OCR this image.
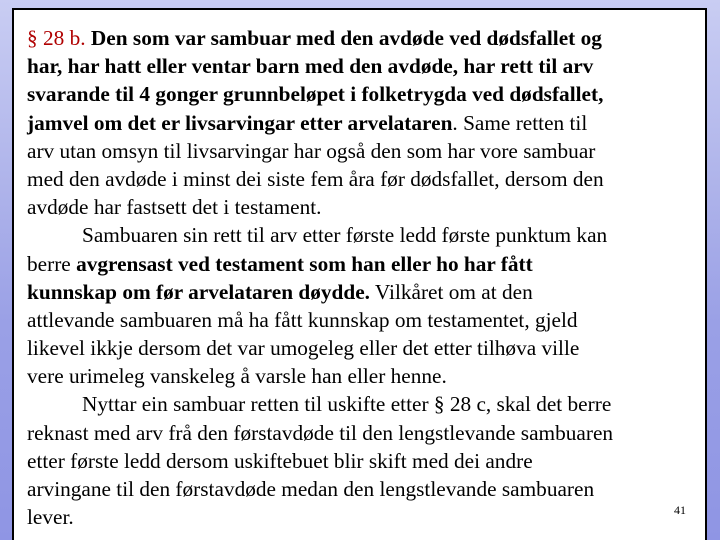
§ 28 b. Den som var sambuar med den avdøde ved dødsfallet og
har, har hatt eller ventar barn med den avdøde, har rett til arv
svarande til 4 gonger grunnbeløpet i folketrygda ved dødsfallet,
jamvel om det er livsarvingar etter arvelataren. Same retten til
arv utan omsyn til livsarvingar har også den som har vore sambuar
med den avdøde i minst dei siste fem åra før dødsfallet, dersom den
avdøde har fastsett det i testament.
Sambuaren sin rett til arv etter første ledd første punktum kan
berre avgrensast ved testament som han eller ho har fått
kunnskap om før arvelataren døydde. Vilkåret om at den
attlevande sambuaren må ha fått kunnskap om testamentet, gjeld
likevel ikkje dersom det var umogeleg eller det etter tilhøva ville
vere urimeleg vanskeleg å varsle han eller henne.
Nyttar ein sambuar retten til uskifte etter § 28 c, skal det berre
reknast med arv frå den førstavdøde til den lengstlevande sambuaren
etter første ledd dersom uskiftebuet blir skift med dei andre
arvingane til den førstavdøde medan den lengstlevande sambuaren
lever.	41
